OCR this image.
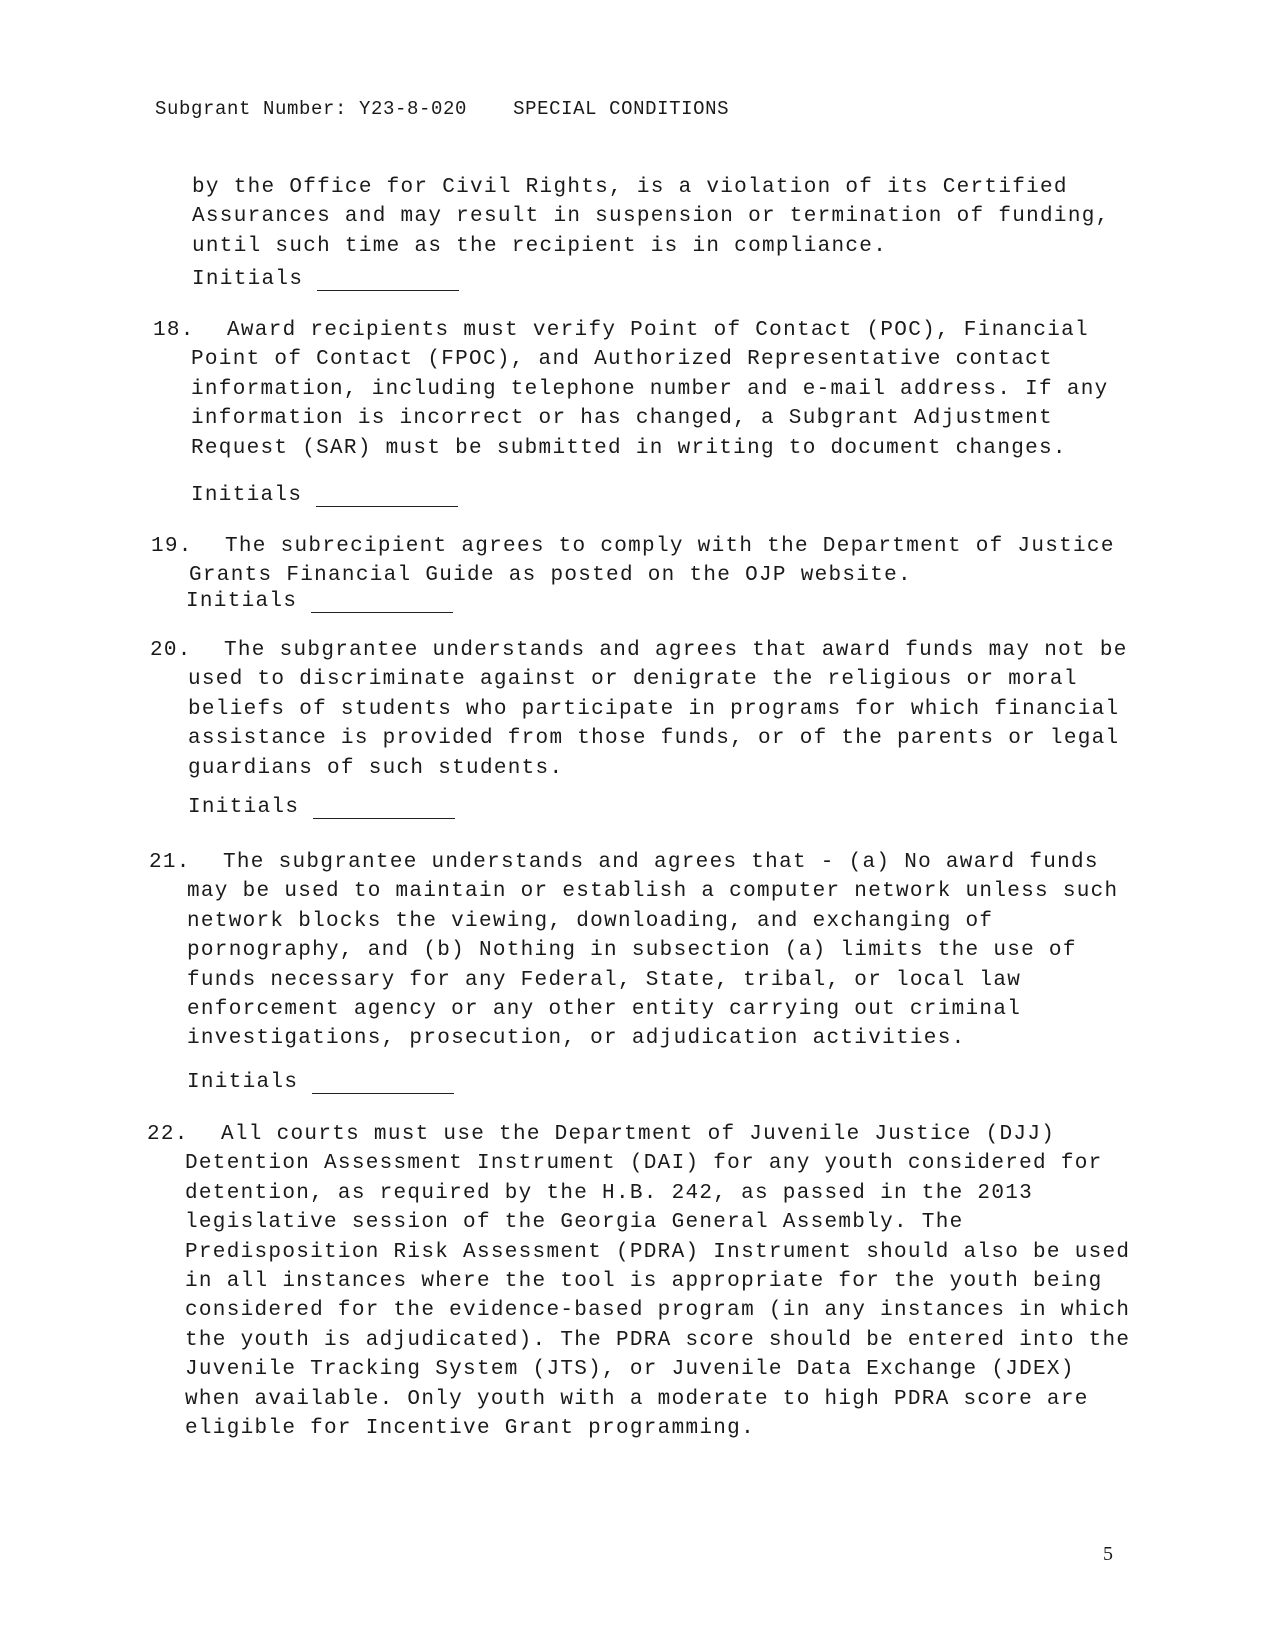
Subgrant Number: Y23-8-020 SPECIAL CONDITIONS
by the Office for Civil Rights, is a violation of its Certified
Assurances and may result in suspension or termination of funding,
until such time as the recipient is in compliance.
Initials
18.	Award recipients must verify Point of Contact (POC), Financial
Point of Contact (FPOC), and Authorized Representative contact
information, including telephone number and e-mail address. If any
information is incorrect or has changed, a Subgrant Adjustment
Request (SAR) must be submitted in writing to document changes.
Initials
19.	The subrecipient agrees to comply with the Department of Justice
Grants Financial Guide as posted on the OJP website.
Initials
20.	The subgrantee understands and agrees that award funds may not be
used to discriminate against or denigrate the religious or moral
beliefs of students who participate in programs for which financial
assistance is provided from those funds, or of the parents or legal
guardians of such students.
Initials
21.	The subgrantee understands and agrees that - (a) No award funds
may be used to maintain or establish a computer network unless such
network blocks the viewing, downloading, and exchanging of
pornography, and (b) Nothing in subsection (a) limits the use of
funds necessary for any Federal, State, tribal, or local law
enforcement agency or any other entity carrying out criminal
investigations, prosecution, or adjudication activities.
Initials
22.	All courts must use the Department of Juvenile Justice (DJJ)
Detention Assessment Instrument (DAI) for any youth considered for
detention, as required by the H.B. 242, as passed in the 2013
legislative session of the Georgia General Assembly. The
Predisposition Risk Assessment (PDRA) Instrument should also be used
in all instances where the tool is appropriate for the youth being
considered for the evidence-based program (in any instances in which
the youth is adjudicated). The PDRA score should be entered into the
Juvenile Tracking System (JTS), or Juvenile Data Exchange (JDEX)
when available. Only youth with a moderate to high PDRA score are
eligible for Incentive Grant programming.
5
